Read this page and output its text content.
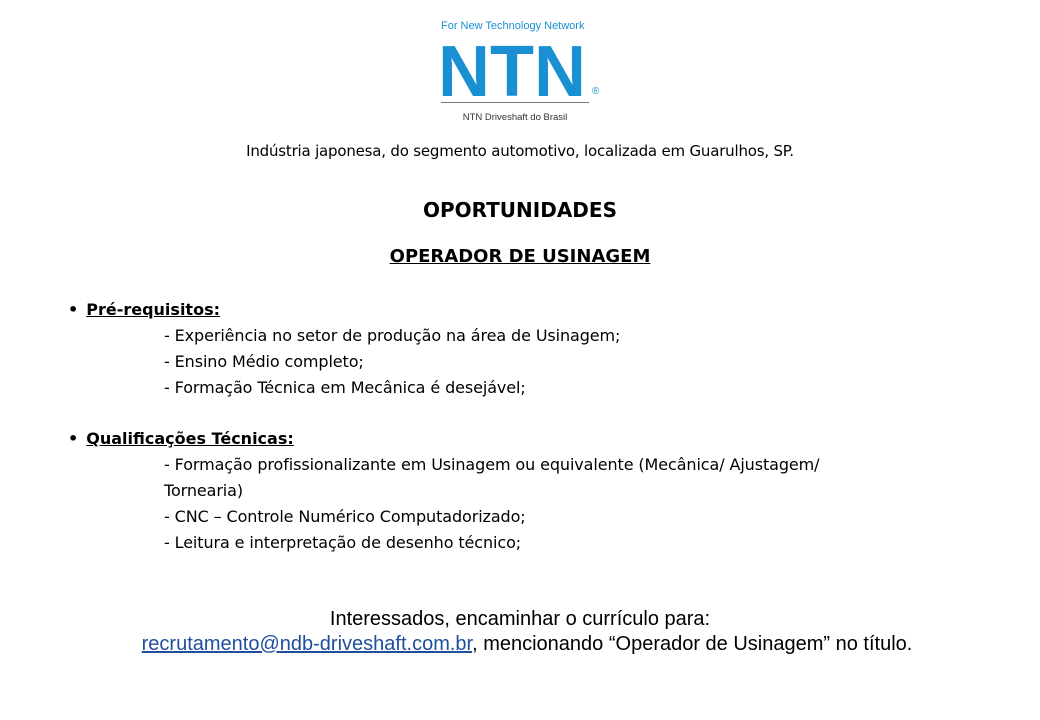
For New Technology Network
NTN ®
NTN Driveshaft do Brasil
Indústria japonesa, do segmento automotivo, localizada em Guarulhos, SP.
OPORTUNIDADES
OPERADOR DE USINAGEM
• Pré-requisitos:
- Experiência no setor de produção na área de Usinagem;
- Ensino Médio completo;
- Formação Técnica em Mecânica é desejável;
• Qualificações Técnicas:
- Formação profissionalizante em Usinagem ou equivalente (Mecânica/ Ajustagem/
Tornearia)
- CNC – Controle Numérico Computadorizado;
- Leitura e interpretação de desenho técnico;
Interessados, encaminhar o currículo para:
recrutamento@ndb-driveshaft.com.br, mencionando “Operador de Usinagem” no título.
